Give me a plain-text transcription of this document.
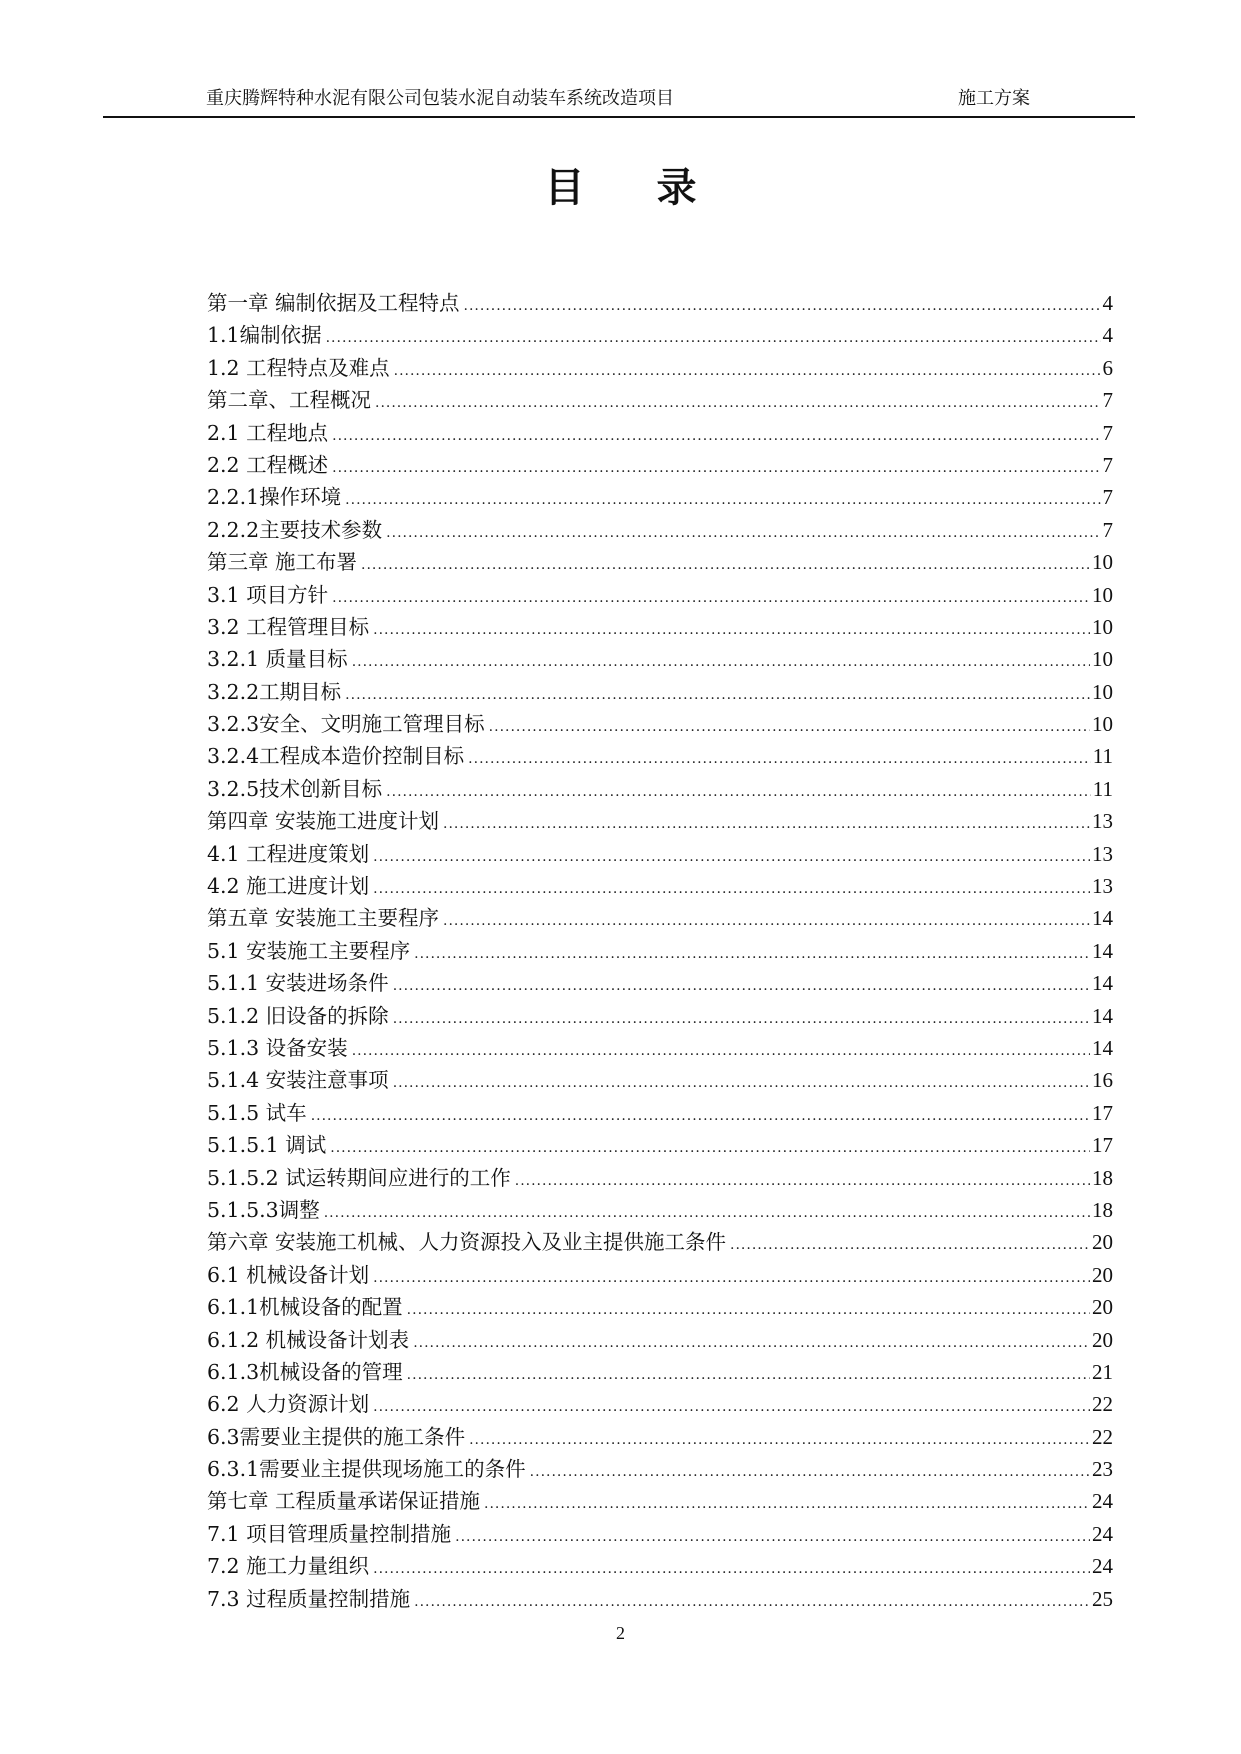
重庆腾辉特种水泥有限公司包装水泥自动装车系统改造项目	施工方案
目录
第一章 编制依据及工程特点 .....	4
1.1编制依据 .....	4
1.2 工程特点及难点 .....	6
第二章、工程概况 .....	7
2.1 工程地点 .....	7
2.2 工程概述 .....	7
2.2.1操作环境 .....	7
2.2.2主要技术参数 .....	7
第三章 施工布署 .....	10
3.1 项目方针 .....	10
3.2 工程管理目标 .....	10
3.2.1 质量目标 .....	10
3.2.2工期目标 .....	10
3.2.3安全、文明施工管理目标 .....	10
3.2.4工程成本造价控制目标 .....	11
3.2.5技术创新目标 .....	11
第四章 安装施工进度计划 .....	13
4.1 工程进度策划 .....	13
4.2 施工进度计划 .....	13
第五章 安装施工主要程序 .....	14
5.1 安装施工主要程序 .....	14
5.1.1 安装进场条件 .....	14
5.1.2 旧设备的拆除 .....	14
5.1.3 设备安装 .....	14
5.1.4 安装注意事项 .....	16
5.1.5 试车 .....	17
5.1.5.1 调试 .....	17
5.1.5.2 试运转期间应进行的工作 .....	18
5.1.5.3调整 .....	18
第六章 安装施工机械、人力资源投入及业主提供施工条件 .....	20
6.1 机械设备计划 .....	20
6.1.1机械设备的配置 .....	20
6.1.2 机械设备计划表 .....	20
6.1.3机械设备的管理 .....	21
6.2 人力资源计划 .....	22
6.3需要业主提供的施工条件 .....	22
6.3.1需要业主提供现场施工的条件 .....	23
第七章 工程质量承诺保证措施 .....	24
7.1 项目管理质量控制措施 .....	24
7.2 施工力量组织 .....	24
7.3 过程质量控制措施 .....	25
2
